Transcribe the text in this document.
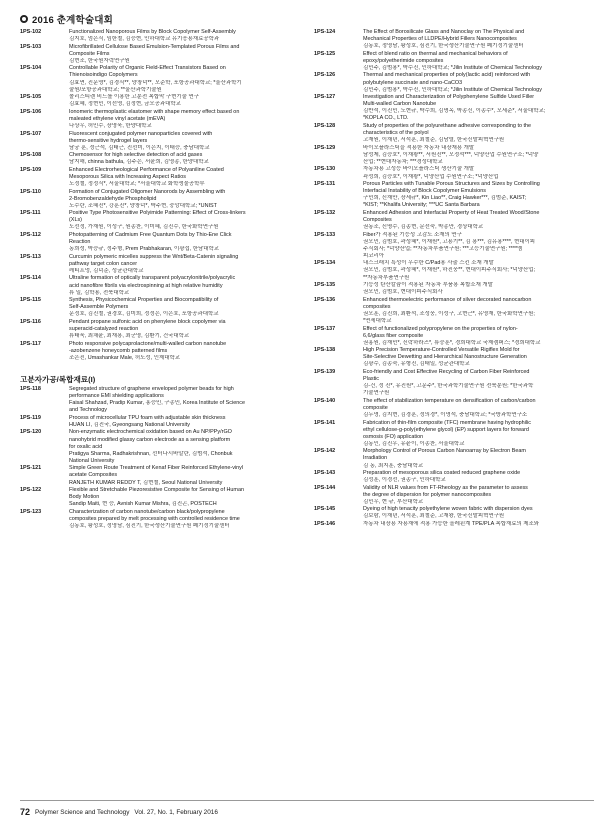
2016 춘계학술대회
1PS-102	Functionalized Nanoporous Films by Block Copolymer Self-Assembly
김지호, 엄은식, 임한철, 김승현, 인하대학교 유기응용재료공학과
1PS-103	Microfibrillated Cellulose Based Emulsion-Templated Porous Films and
Composite Films
김현조, 한국원자력연구원
1PS-104	Controllable Polarity of Organic Field-Effect Transistors Based on
Thienoisoindigo Copolymers
김효연, 진문영*, 김경식**, 양창덕**, 오준학, 포항공과대학교; *울산과학기
술원/포항공과대학교; **울산과학기술원
1PS-105	폴리스티렌 비드를 이용한 고분전 복합막 구현기술 연구
김효혜, 정현민, 이선영, 김정현, 금오공과대학교
1PS-106	Ionomeric thermoplastic elastomer with shape memory effect based on
maleated ethylene vinyl acetate (mEVA)
나상우, 허민수, 장영욱, 한양대학교
1PS-107	Fluorescent conjugated polymer nanoparticles covered with
thermo-sensitive hydrogel layers
남궁 훈, 정근석, 김태근, 진선미, 이은지, 이태승, 충남대학교
1PS-108	Chemosensor for high selective detection of acid gases
남지해, chinna bathula, 김주은, 서윤희, 김영종, 한양대학교
1PS-109	Enhanced Electrorheological Performance of Polyaniline Coated
Mesoporous Silica with Increasing Aspect Ratios
노정철, 정정식*, 서울대학교; *서울대학교 화학생물공학부
1PS-110	Formation of Conjugated Oligomer Nanorods by Assembling with
2-Bromobenzaldehyde Phospholipid
노수란, 조혜진*, 강훈진*, 양창덕*, 박주현, 중앙대학교; *UNIST
1PS-111	Positive Type Photosensitive Polyimide Patterning: Effect of Cross-linkers
(XLs)
도선정, 가재원, 이성구, 원종찬, 이미혜, 김진수, 한국화학연구원
1PS-112	Photopatterning of Cadmium Free Quantum Dots by Thio-Ene Click
Reaction
동희성, 박승규, 정주형, Prem Prabhakaran, 이광섭, 한남대학교
1PS-113	Curcumin polymeric micelles suppress the Wnt/Beta-Catenin signaling
pathway target colon cancer
레티프엉, 김덕준, 성균관대학교
1PS-114	Ultraline formation of optically transparent polyacrylonitrile/polyacrylic
acid nanofibre fibrils via electrospinning at high relative humidity
류 일, 김학용, 전북대학교
1PS-115	Synthesis, Physicochemical Properties and Biocompatibility of
Self-Assemble Polymers
문정호, 김진철, 권경호, 김미희, 정정은, 이은호, 포항공과대학교
1PS-116	Pendant propane sulfonic acid on phenylene block copolymer via
superacid-catalyzed reaction
류태욱, 최채윤, 최재용, 최군영, 김환기, 건국대학교
1PS-117	Photo responsive polycaprolactone/multi-walled carbon nanotube
-azobenzene honeycomb patterned films
조은진, Umashankar Male, 허도성, 인제대학교
고분자가공/복합재료(I)
1PS-118	Segregated structure of graphene enveloped polymer beads for high
performance EMI shielding applications
Faisal Shahzad, Pradip Kumar, 홍승민, 구종민, Korea Institute of Science
and Technology
1PS-119	Process of microcellular TPU foam with adjustable skin thickness
HUAN LI, 김진국, Gyeongsang National University
1PS-120	Non-enzymatic electrochemical oxidation based on Au NP/PPy/rGO
nanohybrid modified glassy carbon electrode as a sensing platform
for oxalic acid
Pratigya Sharma, Radhakrishnan, 선터나시바알란, 김범석, Chonbuk
National University
1PS-121	Simple Green Route Treatment of Kenaf Fiber Reinforced Ethylene-vinyl
acetate Composites
RANJETH KUMAR REDDY T, 김현철, Seoul National University
1PS-122	Flexible and Stretchable Piezoresistive Composite for Sensing of Human
Body Motion
Sandip Maiti, 현 승, Avnish Kumar Mishra, 김진곤, POSTECH
1PS-123	Characterization of carbon nanotube/carbon black/polypropylene
composites prepared by melt processing with controlled residence time
김동호, 황성호, 정영남, 심진기, 한국생산기술연구원 폐기정기술센터
1PS-124	The Effect of Borosilicate Glass and Nanoclay on The Physical and
Mechanical Properties of LLDPE/Hybrid Fillers Nanocomposites
김동호, 정영남, 황성호, 심진기, 한국생산기술연구원 폐기정기술센터
1PS-125	Effect of blend ratio on thermal and mechanical behaviors of
epoxy/polyetherimide composites
김민주, 김범용*, 박수진, 인하대학교; *Jilin Institute of Chemical Technology
1PS-126	Thermal and mechanical properties of poly(lactic acid) reinforced with
polybutylene succinate and nano-CaCO3
김민주, 김범용*, 박수진, 인하대학교; *Jilin Institute of Chemical Technology
1PS-127	Investigation and Characterization of Polyphenylene Sulfide Used Filler
Multi-walled Carbon Nanotube
김반석, 이진민, 노현규, 박수희, 김명옥, 박종신, 이종수*, 오세준*, 서울대학교;
*KOPLA CO., LTD.
1PS-128	Study of properties of the polyurethane adhesive corresponding to the
characteristics of the polyol
고재원, 이재년, 서석훈, 최철준, 김남렬, 한국신발피혁연구원
1PS-129	바이오플라스틱을 적용한 자동차 내장재용 개발
남성제, 김승호*, 이재왕**, 서원진**, 오정석***, 덕양산업 수원연구소; *덕양
산업; **현대자동차; ***경성대학교
1PS-130	자동차용 고성능 바이오플라스틱 생산기술 개발
곽성희, 김승호*, 이재왕*, 덕양산업 수원연구소; *덕양산업
1PS-131	Porous Particles with Tunable Porous Structures and Sizes by Controlling
Interfacial Instability of Block Copolymer Emulsions
구민희, 신재만, 장세규*, Kin Liao**, Craig Hawker***, 김범준, KAIST;
*KIST; **Khalifa University; ***UC Santa Barbara
1PS-132	Enhanced Adhesion and Interfacial Property of Heat Treated Wood/Stone
Composites
권동조, 신명수, 김종현, 문선숙, 박종만, 경상대학교
1PS-133	Fiber가 적용된 기능성 고감도 소재의 연구
권오민, 김범호, 곽성혜*, 이재원*, 고용기**, 김 용***, 김유용****, 현대이피
주식회사; *덕양산업; **자동차부품연구원; ***고등기술연구원; ****엠
피코리아
1PS-134	내스크래치 특성이 우수한 C/Pad용 사출 스킨 소재 개발
권오민, 김범호, 곽성혜*, 이재원*, 하진웅**, 현대이피주식회사; *덕양산업;
**자동차부품연구원
1PS-135	기능성 탄산칼슘이 적용된 자동차 부품용 복합소재 개발
권오민, 김범호, 현대이피주식회사
1PS-136	Enhanced thermoelectric performance of silver decorated nanocarbon
composites
권오훈, 김진희, 최환석, 조성웅, 이성구, 고현근*, 유영재, 한국화학연구원;
*연세대학교
1PS-137	Effect of functionalized polypropylene on the properties of nylon-
6,6/glass fiber composite
권홍원, 김재민*, 신락하라즈*, 류승훈*, 경희대학교 국제캠퍼스; *경희대학교
1PS-138	High Precision Temperature-Controlled Versatile Rigiflex Mold for
Site-Selective Dewetting and Hierarchical Nanostructure Generation
김광수, 김종숙, 유형진, 김태일, 성균관대학교
1PS-139	Eco-friendly and Cost Effective Recycling of Carbon Fiber Reinforced
Plastic
김-건, 정 진*, 유진원*, 고문주*, 한국과학기술연구원 전북분원; *한국과학
기술연구원
1PS-140	The effect of stabilization temperature on densification of carbon/carbon
composite
김두영, 김지현, 김경훈, 정의경*, 이영석, 충남대학교; *국방과학연구소
1PS-141	Fabrication of thin-film composite (TFC) membrane having hydrophilic
ethyl cellulose-g-poly(ethylene glycol) (EP) support layers for forward
osmosis (FO) application
김동인, 김진우, 유윤이, 이종찬, 서울대학교
1PS-142	Morphology Control of Porous Carbon Nanoarray by Electron Beam
Irradiation
김 동, 최지훈, 충남대학교
1PS-143	Preparation of mesoporous silica coated reduced graphene oxide
김성훈, 이경선, 권종구, 인하대학교
1PS-144	Validity of NLR values from FT-Rheology as the parameter to assess
the degree of dispersion for polymer nanocomposites
김민우, 현 규, 부산대학교
1PS-145	Dyeing of high tenacity polyethylene woven fabric with dispersion dyes
김보람, 이재년, 서석훈, 최철준, 고재왕, 한국신발피혁연구원
1PS-146	자동차 내장용 자용재에 적용 가능한 올레핀계 TPE/PLA 복합재료의 제조와
72 Polymer Science and Technology Vol. 27, No. 1, February 2016
